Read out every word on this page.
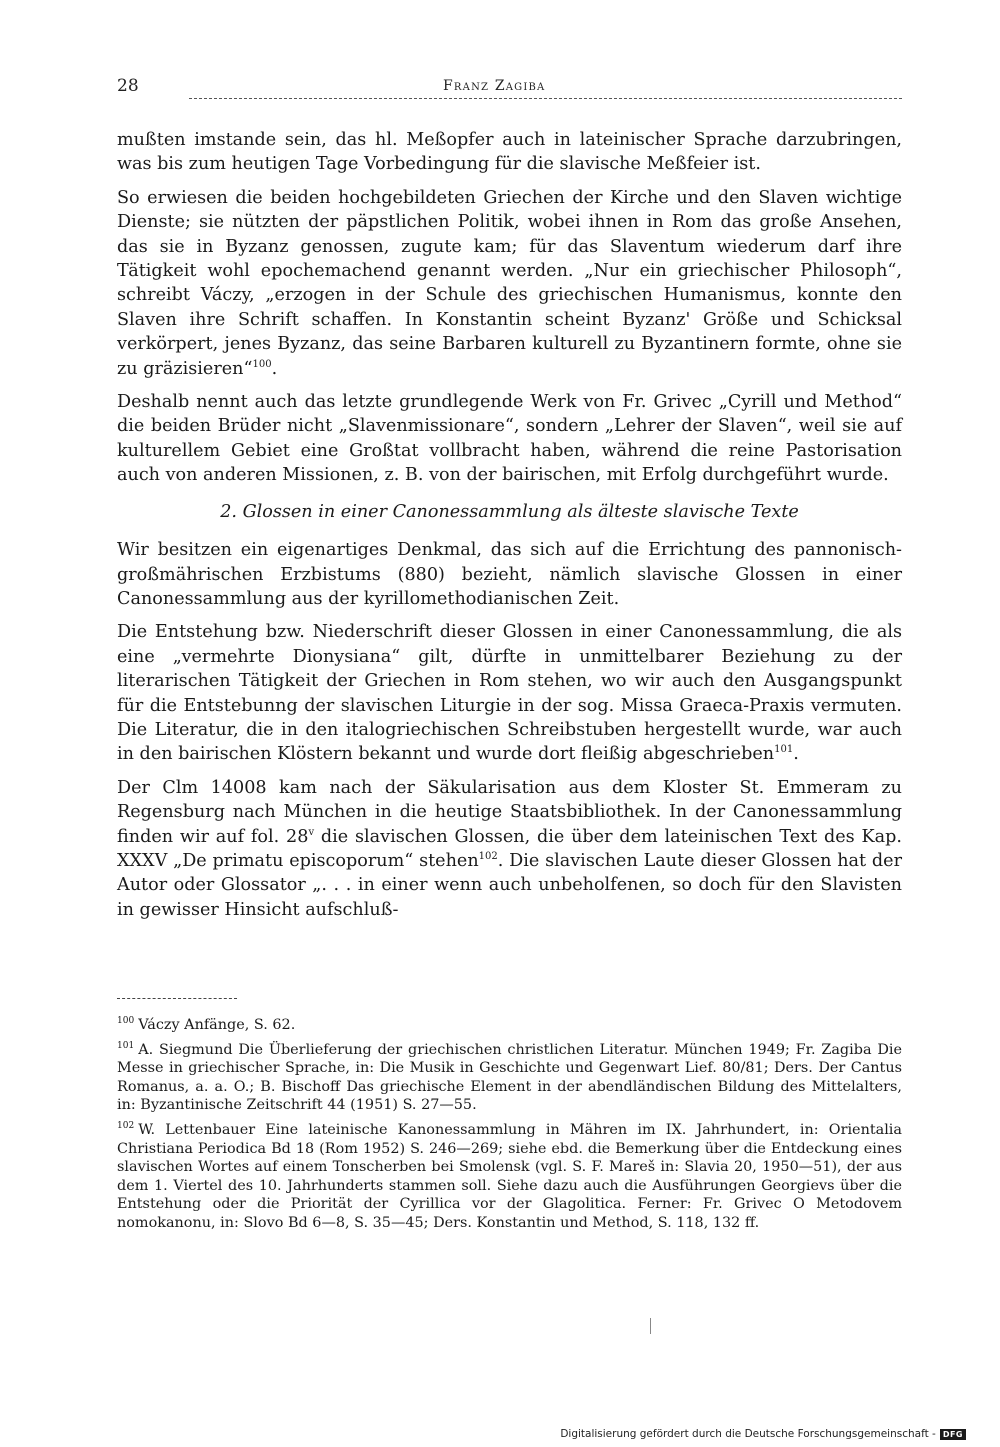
28	Franz Zagiba

mußten imstande sein, das hl. Meßopfer auch in lateinischer Sprache darzubringen, was bis zum heutigen Tage Vorbedingung für die slavische Meßfeier ist.

So erwiesen die beiden hochgebildeten Griechen der Kirche und den Slaven wichtige Dienste; sie nützten der päpstlichen Politik, wobei ihnen in Rom das große Ansehen, das sie in Byzanz genossen, zugute kam; für das Slaventum wiederum darf ihre Tätigkeit wohl epochemachend genannt werden. „Nur ein griechischer Philosoph“, schreibt Váczy, „erzogen in der Schule des griechischen Humanismus, konnte den Slaven ihre Schrift schaffen. In Konstantin scheint Byzanz' Größe und Schicksal verkörpert, jenes Byzanz, das seine Barbaren kulturell zu Byzantinern formte, ohne sie zu gräzisieren“$^{100}$.

Deshalb nennt auch das letzte grundlegende Werk von Fr. Grivec „Cyrill und Method“ die beiden Brüder nicht „Slavenmissionare“, sondern „Lehrer der Slaven“, weil sie auf kulturellem Gebiet eine Großtat vollbracht haben, während die reine Pastorisation auch von anderen Missionen, z. B. von der bairischen, mit Erfolg durchgeführt wurde.

2. Glossen in einer Canonessammlung als älteste slavische Texte

Wir besitzen ein eigenartiges Denkmal, das sich auf die Errichtung des pannonisch-großmährischen Erzbistums (880) bezieht, nämlich slavische Glossen in einer Canonessammlung aus der kyrillomethodianischen Zeit.

Die Entstehung bzw. Niederschrift dieser Glossen in einer Canonessammlung, die als eine „vermehrte Dionysiana“ gilt, dürfte in unmittelbarer Beziehung zu der literarischen Tätigkeit der Griechen in Rom stehen, wo wir auch den Ausgangspunkt für die Entstebunng der slavischen Liturgie in der sog. Missa Graeca-Praxis vermuten. Die Literatur, die in den italogriechischen Schreibstuben hergestellt wurde, war auch in den bairischen Klöstern bekannt und wurde dort fleißig abgeschrieben$^{101}$.

Der Clm 14008 kam nach der Säkularisation aus dem Kloster St. Emmeram zu Regensburg nach München in die heutige Staatsbibliothek. In der Canonessammlung finden wir auf fol. 28$^v$ die slavischen Glossen, die über dem lateinischen Text des Kap. XXXV „De primatu episcoporum“ stehen$^{102}$. Die slavischen Laute dieser Glossen hat der Autor oder Glossator „. . . in einer wenn auch unbeholfenen, so doch für den Slavisten in gewisser Hinsicht aufschluß-

$^{100}$ Váczy Anfänge, S. 62.

$^{101}$ A. Siegmund Die Überlieferung der griechischen christlichen Literatur. München 1949; Fr. Zagiba Die Messe in griechischer Sprache, in: Die Musik in Geschichte und Gegenwart Lief. 80/81; Ders. Der Cantus Romanus, a. a. O.; B. Bischoff Das griechische Element in der abendländischen Bildung des Mittelalters, in: Byzantinische Zeitschrift 44 (1951) S. 27—55.

$^{102}$ W. Lettenbauer Eine lateinische Kanonessammlung in Mähren im IX. Jahrhundert, in: Orientalia Christiana Periodica Bd 18 (Rom 1952) S. 246—269; siehe ebd. die Bemerkung über die Entdeckung eines slavischen Wortes auf einem Tonscherben bei Smolensk (vgl. S. F. Mareš in: Slavia 20, 1950—51), der aus dem 1. Viertel des 10. Jahrhunderts stammen soll. Siehe dazu auch die Ausführungen Georgievs über die Entstehung oder die Priorität der Cyrillica vor der Glagolitica. Ferner: Fr. Grivec O Metodovem nomokanonu, in: Slovo Bd 6—8, S. 35—45; Ders. Konstantin und Method, S. 118, 132 ff.

Digitalisierung gefördert durch die Deutsche Forschungsgemeinschaft - DFG
